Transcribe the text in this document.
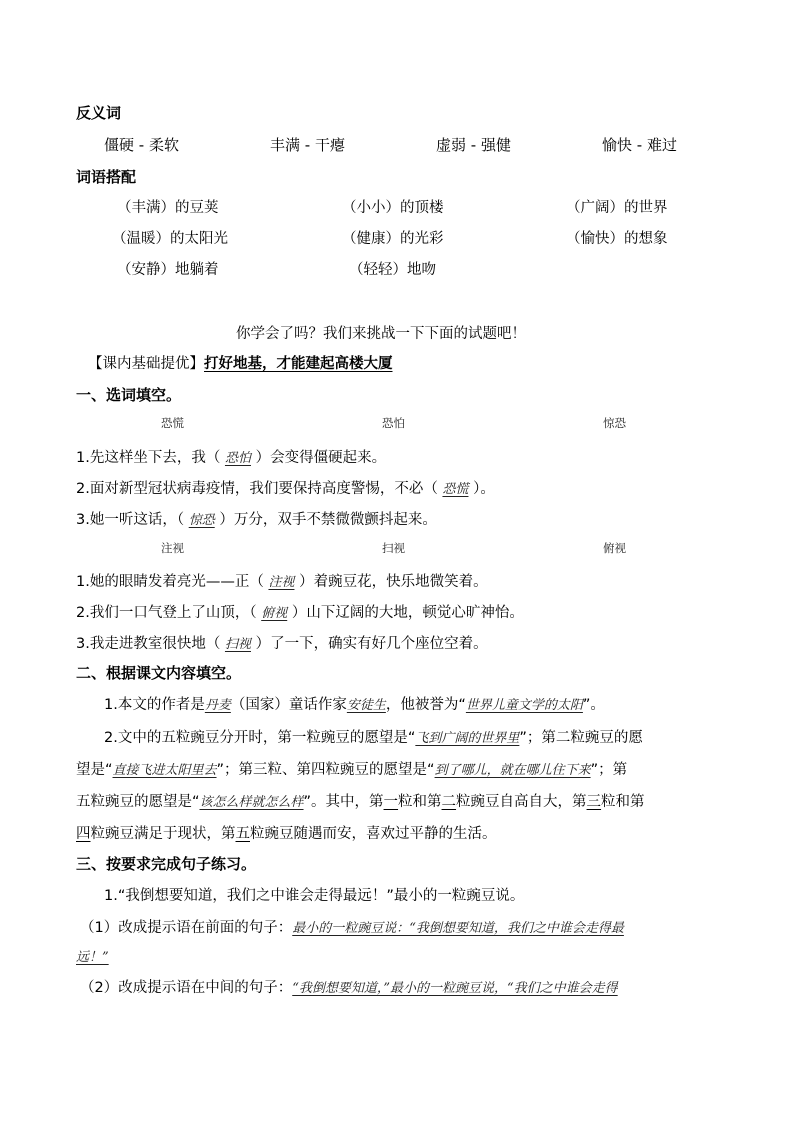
反义词
僵硬 - 柔软	丰满 - 干瘪	虚弱 - 强健	愉快 - 难过
词语搭配
（丰满）的豆荚	（小小）的顶楼	（广阔）的世界
（温暖）的太阳光	（健康）的光彩	（愉快）的想象
（安静）地躺着	（轻轻）地吻
你学会了吗？我们来挑战一下下面的试题吧！
【课内基础提优】打好地基，才能建起高楼大厦
一、选词填空。
恐慌	恐怕	惊恐
1.先这样坐下去，我（ 恐怕 ）会变得僵硬起来。
2.面对新型冠状病毒疫情，我们要保持高度警惕，不必（ 恐慌 ）。
3.她一听这话，（ 惊恐 ）万分，双手不禁微微颤抖起来。
注视	扫视	俯视
1.她的眼睛发着亮光——正（ 注视 ）着豌豆花，快乐地微笑着。
2.我们一口气登上了山顶，（ 俯视 ）山下辽阔的大地，顿觉心旷神怡。
3.我走进教室很快地（ 扫视 ）了一下，确实有好几个座位空着。
二、根据课文内容填空。
1.本文的作者是丹麦（国家）童话作家安徒生，他被誉为“世界儿童文学的太阳”。
2.文中的五粒豌豆分开时，第一粒豌豆的愿望是“飞到广阔的世界里”；第二粒豌豆的愿
望是“直接飞进太阳里去”；第三粒、第四粒豌豆的愿望是“到了哪儿，就在哪儿住下来”；第
五粒豌豆的愿望是“该怎么样就怎么样”。其中，第一粒和第二粒豌豆自高自大，第三粒和第
四粒豌豆满足于现状，第五粒豌豆随遇而安，喜欢过平静的生活。
三、按要求完成句子练习。
1.“我倒想要知道，我们之中谁会走得最远！”最小的一粒豌豆说。
（1）改成提示语在前面的句子：最小的一粒豌豆说：“我倒想要知道，我们之中谁会走得最
远！”
（2）改成提示语在中间的句子：“我倒想要知道，”最小的一粒豌豆说，“我们之中谁会走得
